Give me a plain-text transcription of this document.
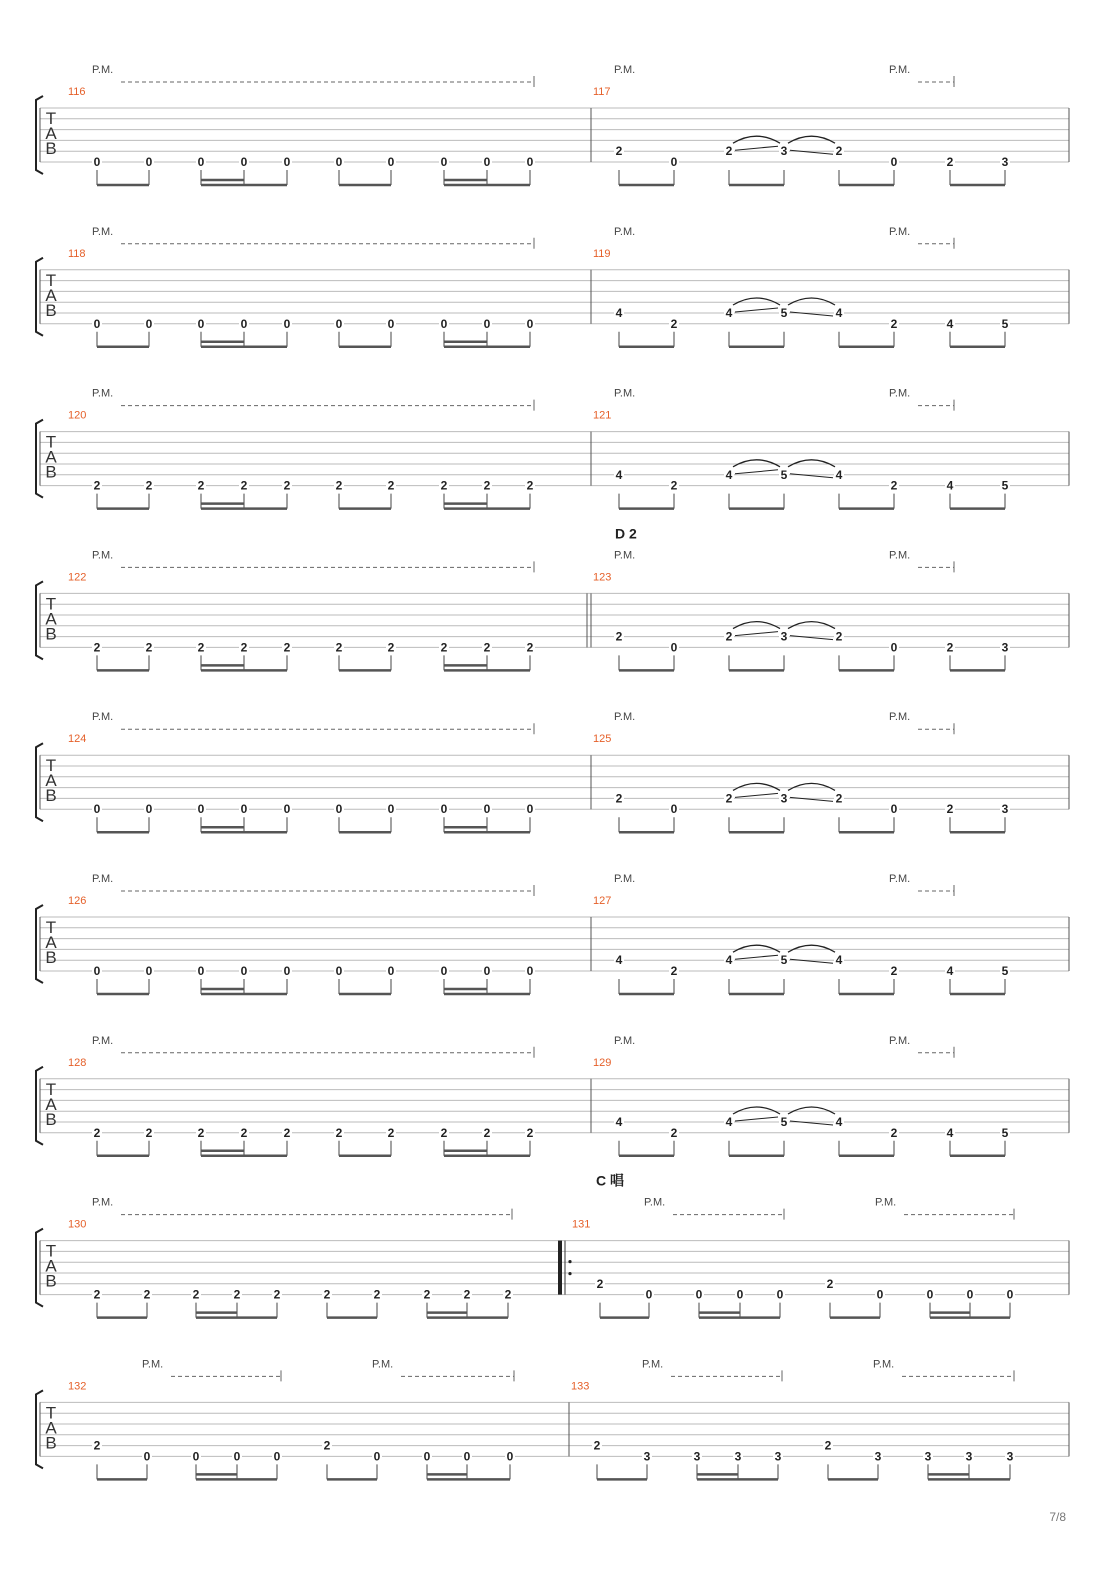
T
A
B
116
0	0	0	0	0	0	0	0	0	0
P.M.
117
2
0
2	3	2
0	2	3
P.M.	P.M.
T
A
B
118
0	0	0	0	0	0	0	0	0	0
P.M.
119
4
2
4	5	4
2	4	5
P.M.	P.M.
T
A
B
120
2	2	2	2	2	2	2	2	2	2
P.M.
121
4
2
4	5	4
2	4	5
P.M.	P.M.
T
A
B
122
2	2	2	2	2	2	2	2	2	2
P.M.
123
D 2
2
0
2	3	2
0	2	3
P.M.	P.M.
T
A
B
124
0	0	0	0	0	0	0	0	0	0
P.M.
125
2
0
2	3	2
0	2	3
P.M.	P.M.
T
A
B
126
0	0	0	0	0	0	0	0	0	0
P.M.
127
4
2
4	5	4
2	4	5
P.M.	P.M.
T
A
B
128
2	2	2	2	2	2	2	2	2	2
P.M.
129
4
2
4	5	4
2	4	5
P.M.	P.M.
T
A
B
130
2	2	2	2	2	2	2	2	2	2
P.M.
131
C 唱
2
0	0	0	0
2
0	0	0	0
P.M.	P.M.
T
A
B
132
2
0	0	0	0
2
0	0	0	0
P.M.	P.M.
133
2
3	3	3	3
2
3	3	3	3
P.M.	P.M.
7/8
